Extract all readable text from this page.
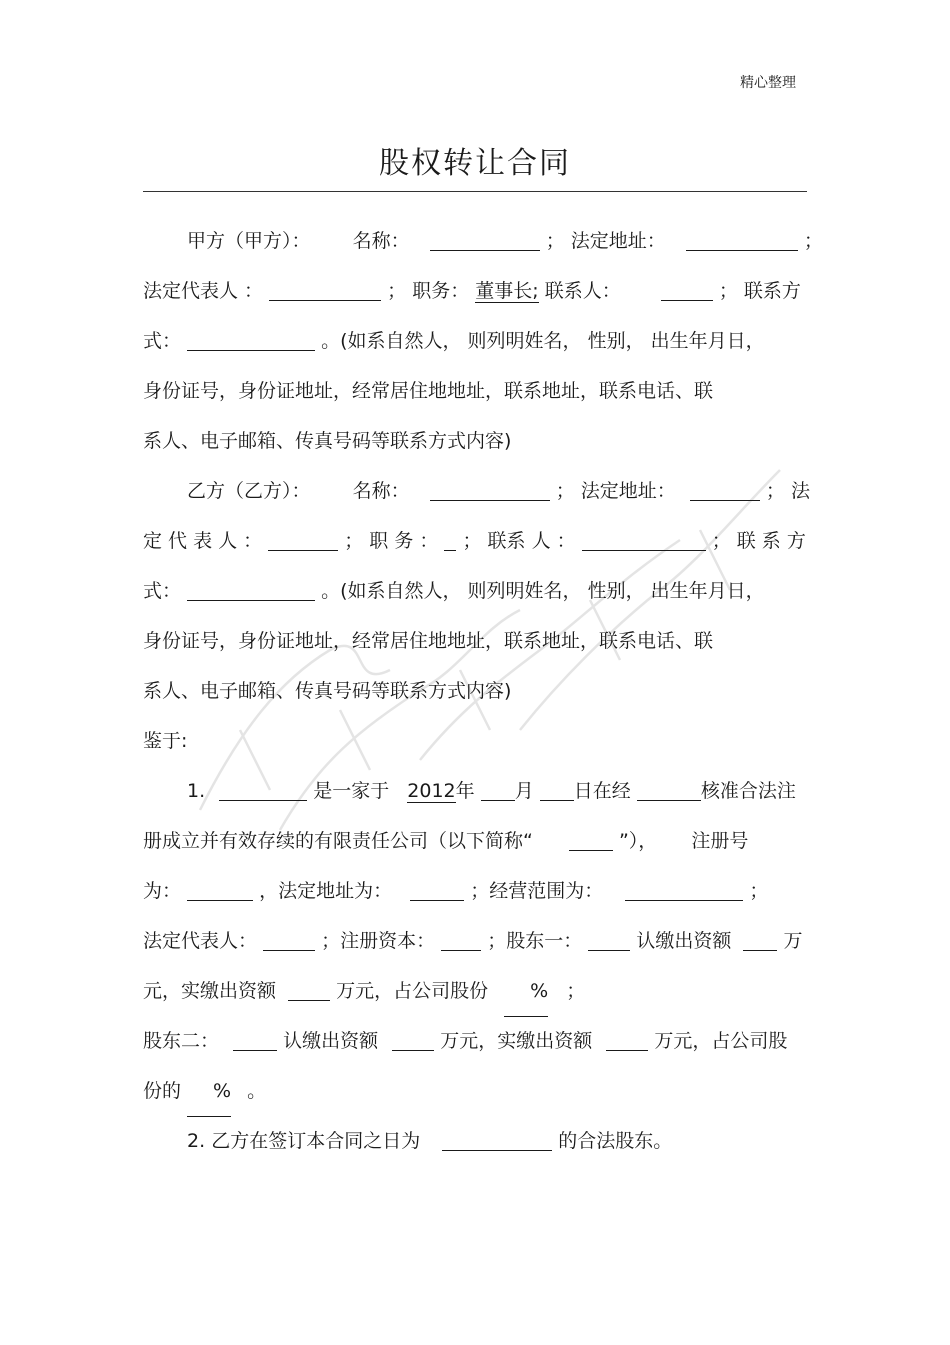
精心整理
股权转让合同
甲方（甲方）： 名称：	； 法定地址：	；
法定代表人 ：	； 职务： 董事长; 联系人：	； 联系方
式：	。(如系自然人， 则列明姓名， 性别， 出生年月日，
身份证号，身份证地址，经常居住地地址，联系地址，联系电话、联
系人、电子邮箱、传真号码等联系方式内容)
乙方（乙方）： 名称：	； 法定地址：	； 法
定 代 表 人 ：	； 职 务 ： ； 联系 人 ：	； 联 系 方
式：	。(如系自然人， 则列明姓名， 性别， 出生年月日，
身份证号，身份证地址，经常居住地地址，联系地址，联系电话、联
系人、电子邮箱、传真号码等联系方式内容)
鉴于:
1.	是一家于 2012年 月 日在经	核准合法注
册成立并有效存续的有限责任公司（以下简称“	”）， 注册号
为：	，法定地址为：	；经营范围为：	；
法定代表人：	；注册资本：	；股东一：	认缴出资额	万
元，实缴出资额	万元，占公司股份 % ；
股东二：	认缴出资额	万元，实缴出资额	万元，占公司股
份的 % 。
2. 乙方在签订本合同之日为	的合法股东。
